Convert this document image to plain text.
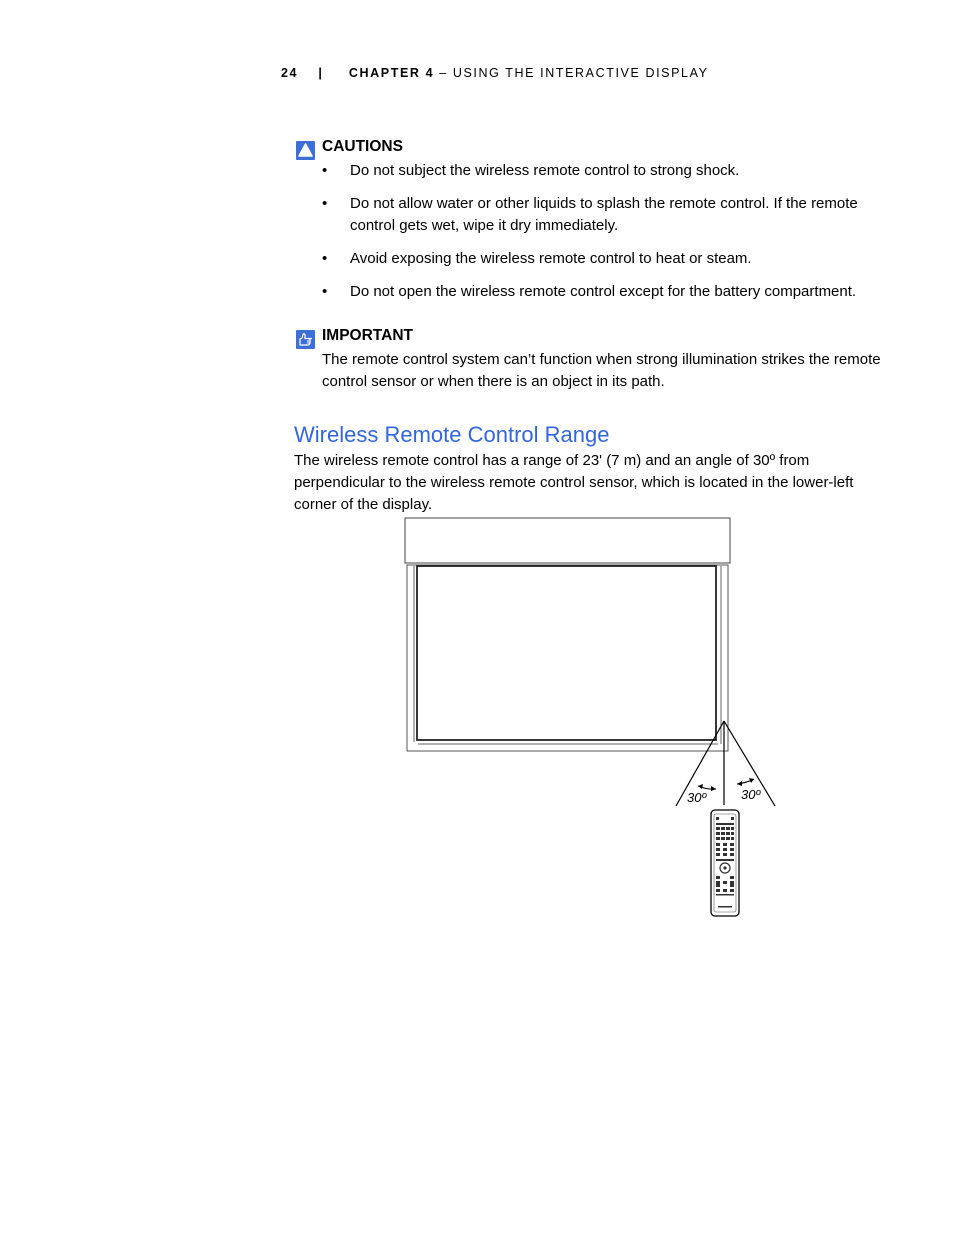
24 | CHAPTER 4 – USING THE INTERACTIVE DISPLAY
CAUTIONS
• Do not subject the wireless remote control to strong shock.
• Do not allow water or other liquids to splash the remote control. If the remote control gets wet, wipe it dry immediately.
• Avoid exposing the wireless remote control to heat or steam.
• Do not open the wireless remote control except for the battery compartment.
IMPORTANT
The remote control system can’t function when strong illumination strikes the remote control sensor or when there is an object in its path.
Wireless Remote Control Range
The wireless remote control has a range of 23' (7 m) and an angle of 30º from perpendicular to the wireless remote control sensor, which is located in the lower-left corner of the display.
30º	30º
